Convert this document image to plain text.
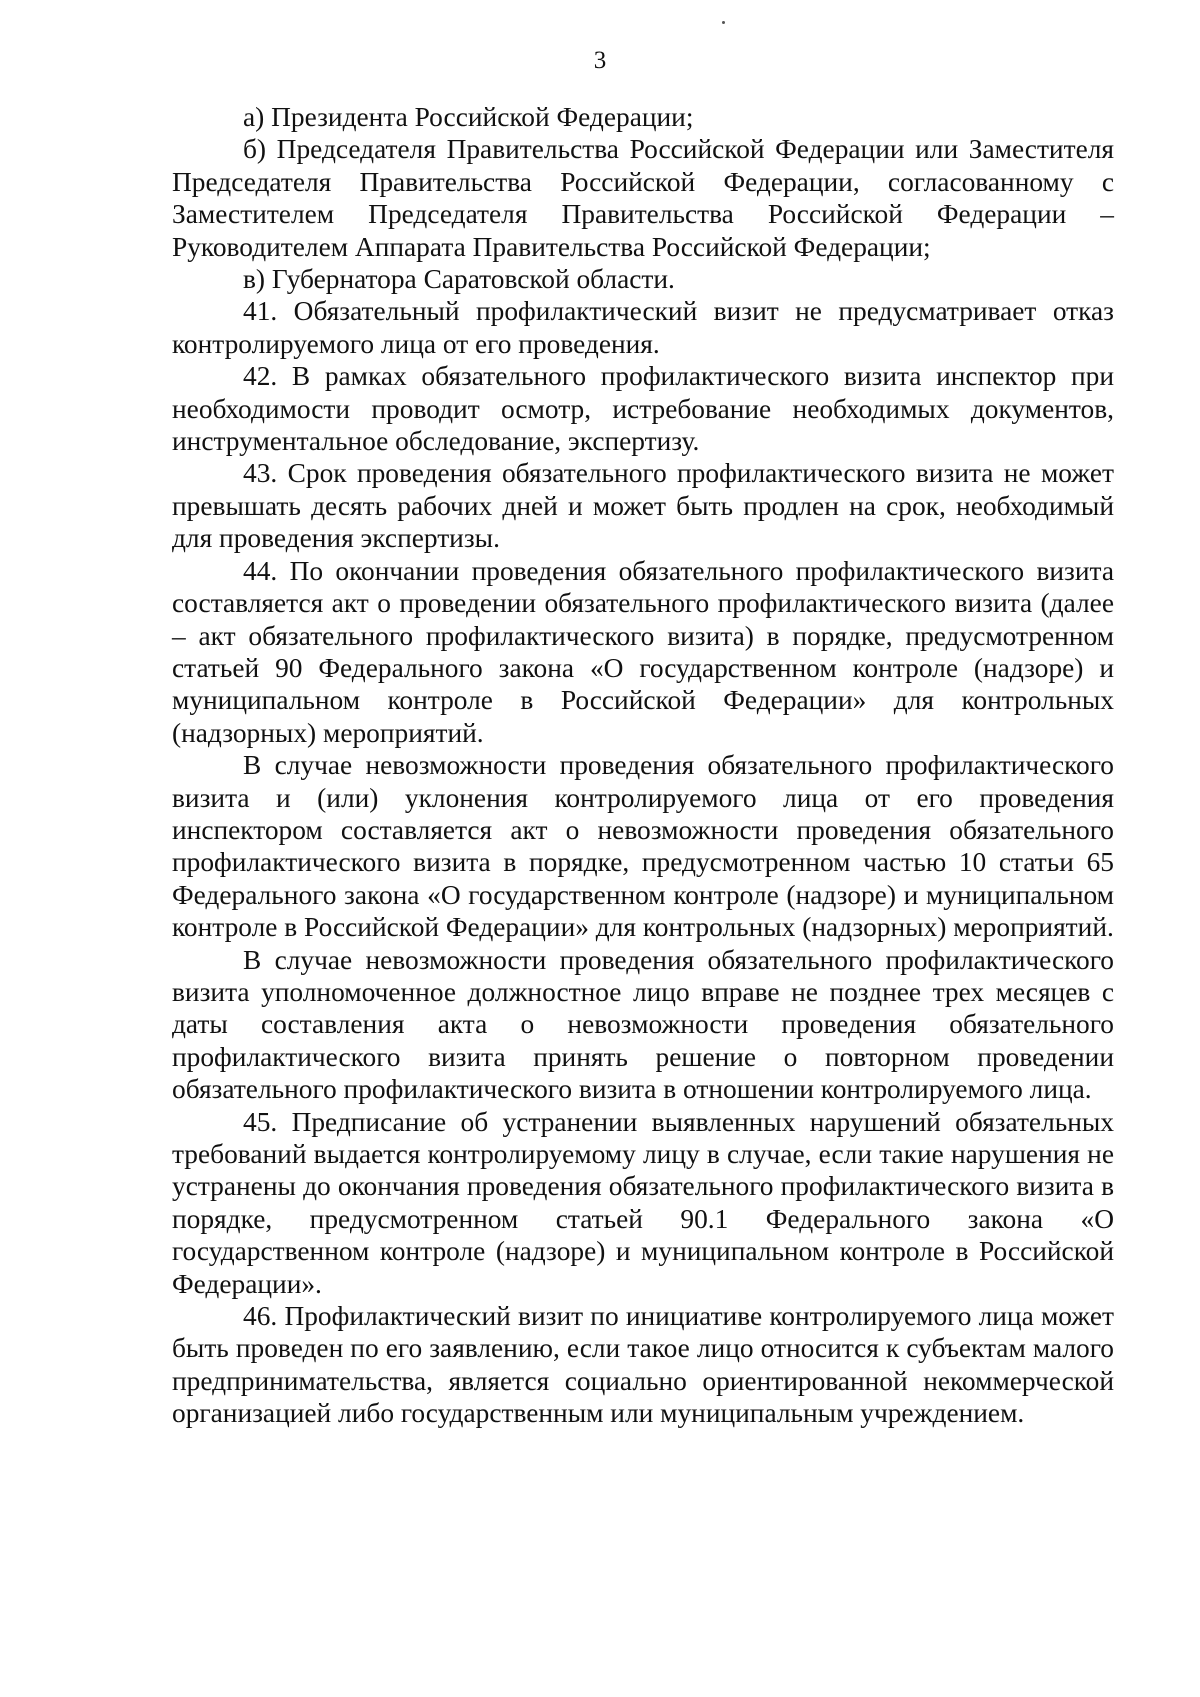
3

а) Президента Российской Федерации;

б) Председателя Правительства Российской Федерации или Заместителя Председателя Правительства Российской Федерации, согласованному с Заместителем Председателя Правительства Российской Федерации – Руководителем Аппарата Правительства Российской Федерации;

в) Губернатора Саратовской области.

41. Обязательный профилактический визит не предусматривает отказ контролируемого лица от его проведения.

42. В рамках обязательного профилактического визита инспектор при необходимости проводит осмотр, истребование необходимых документов, инструментальное обследование, экспертизу.

43. Срок проведения обязательного профилактического визита не может превышать десять рабочих дней и может быть продлен на срок, необходимый для проведения экспертизы.

44. По окончании проведения обязательного профилактического визита составляется акт о проведении обязательного профилактического визита (далее – акт обязательного профилактического визита) в порядке, предусмотренном статьей 90 Федерального закона «О государственном контроле (надзоре) и муниципальном контроле в Российской Федерации» для контрольных (надзорных) мероприятий.

В случае невозможности проведения обязательного профилактического визита и (или) уклонения контролируемого лица от его проведения инспектором составляется акт о невозможности проведения обязательного профилактического визита в порядке, предусмотренном частью 10 статьи 65 Федерального закона «О государственном контроле (надзоре) и муниципальном контроле в Российской Федерации» для контрольных (надзорных) мероприятий.

В случае невозможности проведения обязательного профилактического визита уполномоченное должностное лицо вправе не позднее трех месяцев с даты составления акта о невозможности проведения обязательного профилактического визита принять решение о повторном проведении обязательного профилактического визита в отношении контролируемого лица.

45. Предписание об устранении выявленных нарушений обязательных требований выдается контролируемому лицу в случае, если такие нарушения не устранены до окончания проведения обязательного профилактического визита в порядке, предусмотренном статьей 90.1 Федерального закона «О государственном контроле (надзоре) и муниципальном контроле в Российской Федерации».

46. Профилактический визит по инициативе контролируемого лица может быть проведен по его заявлению, если такое лицо относится к субъектам малого предпринимательства, является социально ориентированной некоммерческой организацией либо государственным или муниципальным учреждением.
